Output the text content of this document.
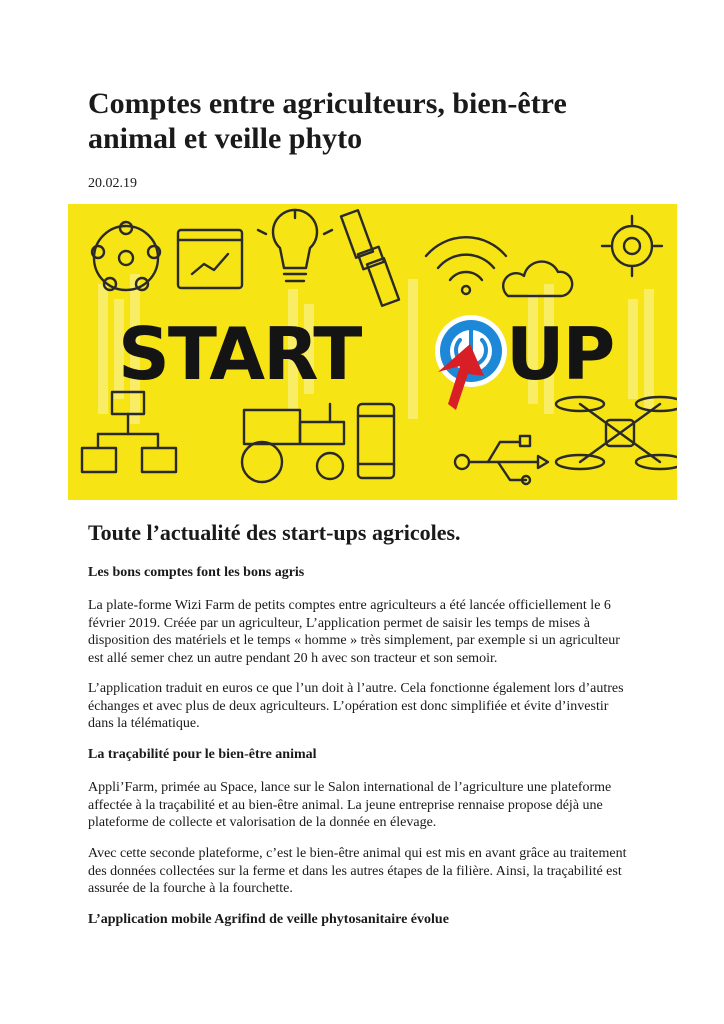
Comptes entre agriculteurs, bien-être animal et veille phyto
20.02.19
START UP
Toute l’actualité des start-ups agricoles.
Les bons comptes font les bons agris

La plate-forme Wizi Farm de petits comptes entre agriculteurs a été lancée officiellement le 6 février 2019. Créée par un agriculteur, L’application permet de saisir les temps de mises à disposition des matériels et le temps « homme » très simplement, par exemple si un agriculteur est allé semer chez un autre pendant 20 h avec son tracteur et son semoir.

L’application traduit en euros ce que l’un doit à l’autre. Cela fonctionne également lors d’autres échanges et avec plus de deux agriculteurs. L’opération est donc simplifiée et évite d’investir dans la télématique.

La traçabilité pour le bien-être animal

Appli’Farm, primée au Space, lance sur le Salon international de l’agriculture une plateforme affectée à la traçabilité et au bien-être animal. La jeune entreprise rennaise propose déjà une plateforme de collecte et valorisation de la donnée en élevage.

Avec cette seconde plateforme, c’est le bien-être animal qui est mis en avant grâce au traitement des données collectées sur la ferme et dans les autres étapes de la filière. Ainsi, la traçabilité est assurée de la fourche à la fourchette.

L’application mobile Agrifind de veille phytosanitaire évolue
